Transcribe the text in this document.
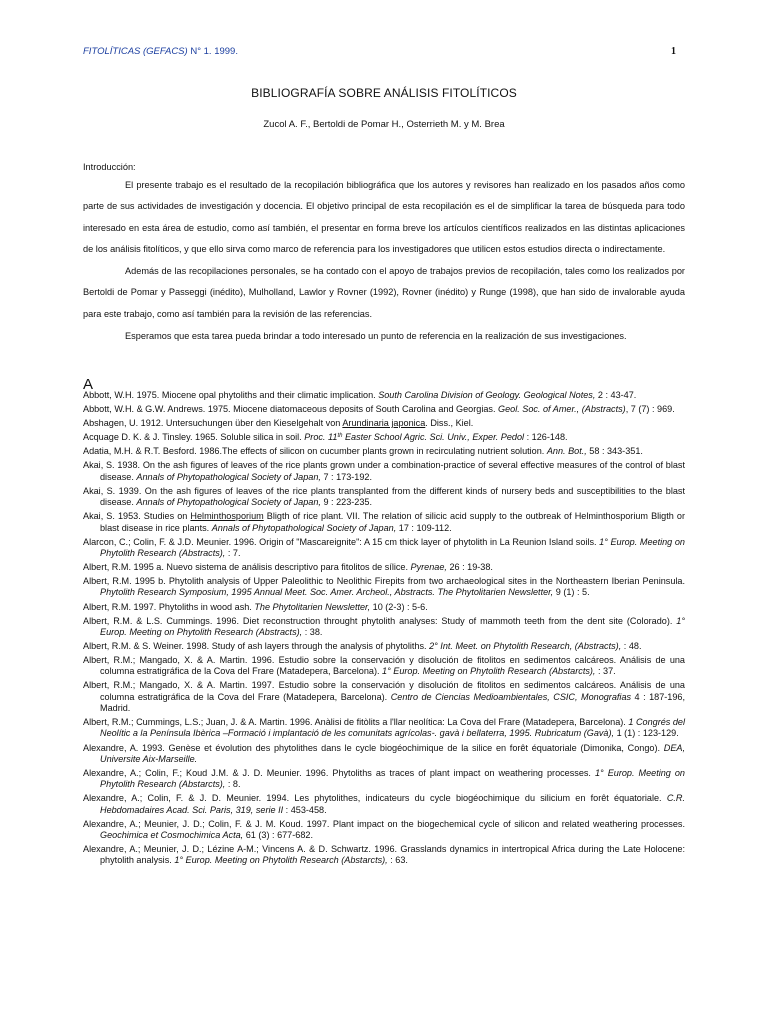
FITOLÍTICAS (GEFACS) N° 1. 1999.	1
BIBLIOGRAFÍA SOBRE ANÁLISIS FITOLÍTICOS
Zucol A. F., Bertoldi de Pomar H., Osterrieth M. y M. Brea
Introducción:

El presente trabajo es el resultado de la recopilación bibliográfica que los autores y revisores han realizado en los pasados años como parte de sus actividades de investigación y docencia. El objetivo principal de esta recopilación es el de simplificar la tarea de búsqueda para todo interesado en esta área de estudio, como así también, el presentar en forma breve los artículos científicos realizados en las distintas aplicaciones de los análisis fitolíticos, y que ello sirva como marco de referencia para los investigadores que utilicen estos estudios directa o indirectamente.

Además de las recopilaciones personales, se ha contado con el apoyo de trabajos previos de recopilación, tales como los realizados por Bertoldi de Pomar y Passeggi (inédito), Mulholland, Lawlor y Rovner (1992), Rovner (inédito) y Runge (1998), que han sido de invalorable ayuda para este trabajo, como así también para la revisión de las referencias.

Esperamos que esta tarea pueda brindar a todo interesado un punto de referencia en la realización de sus investigaciones.

A
Abbott, W.H. 1975. Miocene opal phytoliths and their climatic implication. South Carolina Division of Geology. Geological Notes, 2 : 43-47.
Abbott, W.H. & G.W. Andrews. 1975. Miocene diatomaceous deposits of South Carolina and Georgias. Geol. Soc. of Amer., (Abstracts), 7 (7) : 969.
Abshagen, U. 1912. Untersuchungen über den Kieselgehalt von Arundinaria japonica. Diss., Kiel.
Acquage D. K. & J. Tinsley. 1965. Soluble silica in soil. Proc. 11th Easter School Agric. Sci. Univ., Exper. Pedol : 126-148.
Adatia, M.H. & R.T. Besford. 1986.The effects of silicon on cucumber plants grown in recirculating nutrient solution. Ann. Bot., 58 : 343-351.
Akai, S. 1938. On the ash figures of leaves of the rice plants grown under a combination-practice of several effective measures of the control of blast disease. Annals of Phytopathological Society of Japan, 7 : 173-192.
Akai, S. 1939. On the ash figures of leaves of the rice plants transplanted from the different kinds of nursery beds and susceptibilities to the blast disease. Annals of Phytopathological Society of Japan, 9 : 223-235.
Akai, S. 1953. Studies on Helminthosporium Bligth of rice plant. VII. The relation of silicic acid supply to the outbreak of Helminthosporium Bligth or blast disease in rice plants. Annals of Phytopathological Society of Japan, 17 : 109-112.
Alarcon, C.; Colin, F. & J.D. Meunier. 1996. Origin of "Mascareignite": A 15 cm thick layer of phytolith in La Reunion Island soils. 1° Europ. Meeting on Phytolith Research (Abstracts), : 7.
Albert, R.M. 1995 a. Nuevo sistema de análisis descriptivo para fitolitos de sílice. Pyrenae, 26 : 19-38.
Albert, R.M. 1995 b. Phytolith analysis of Upper Paleolithic to Neolithic Firepits from two archaeological sites in the Northeastern Iberian Peninsula. Phytolith Research Symposium, 1995 Annual Meet. Soc. Amer. Archeol., Abstracts. The Phytolitarien Newsletter, 9 (1) : 5.
Albert, R.M. 1997. Phytoliths in wood ash. The Phytolitarien Newsletter, 10 (2-3) : 5-6.
Albert, R.M. & L.S. Cummings. 1996. Diet reconstruction throught phytolith analyses: Study of mammoth teeth from the dent site (Colorado). 1° Europ. Meeting on Phytolith Research (Abstracts), : 38.
Albert, R.M. & S. Weiner. 1998. Study of ash layers through the analysis of phytoliths. 2° Int. Meet. on Phytolith Research, (Abstracts), : 48.
Albert, R.M.; Mangado, X. & A. Martin. 1996. Estudio sobre la conservación y disolución de fitolitos en sedimentos calcáreos. Análisis de una columna estratigráfica de la Cova del Frare (Matadepera, Barcelona). 1° Europ. Meeting on Phytolith Research (Abstarcts), : 37.
Albert, R.M.; Mangado, X. & A. Martin. 1997. Estudio sobre la conservación y disolución de fitolitos en sedimentos calcáreos. Análisis de una columna estratigráfica de la Cova del Frare (Matadepera, Barcelona). Centro de Ciencias Medioambientales, CSIC, Monografias 4 : 187-196, Madrid.
Albert, R.M.; Cummings, L.S.; Juan, J. & A. Martin. 1996. Anàlisi de fitòlits a l'llar neolítica: La Cova del Frare (Matadepera, Barcelona). 1 Congrés del Neolític a la Península Ibèrica –Formació i implantació de les comunitats agrícolas-. gavà i bellaterra, 1995. Rubricatum (Gavà), 1 (1) : 123-129.
Alexandre, A. 1993. Genèse et évolution des phytolithes dans le cycle biogéochimique de la silice en forêt équatoriale (Dimonika, Congo). DEA, Universite Aix-Marseille.
Alexandre, A.; Colin, F.; Koud J.M. & J. D. Meunier. 1996. Phytoliths as traces of plant impact on weathering processes. 1° Europ. Meeting on Phytolith Research (Abstarcts), : 8.
Alexandre, A.; Colin, F. & J. D. Meunier. 1994. Les phytolithes, indicateurs du cycle biogéochimique du silicium en forêt équatoriale. C.R. Hebdomadaires Acad. Sci. Paris, 319, serie II : 453-458.
Alexandre, A.; Meunier, J. D.; Colin, F. & J. M. Koud. 1997. Plant impact on the biogechemical cycle of silicon and related weathering processes. Geochimica et Cosmochimica Acta, 61 (3) : 677-682.
Alexandre, A.; Meunier, J. D.; Lézine A-M.; Vincens A. & D. Schwartz. 1996. Grasslands dynamics in intertropical Africa during the Late Holocene: phytolith analysis. 1° Europ. Meeting on Phytolith Research (Abstarcts), : 63.
